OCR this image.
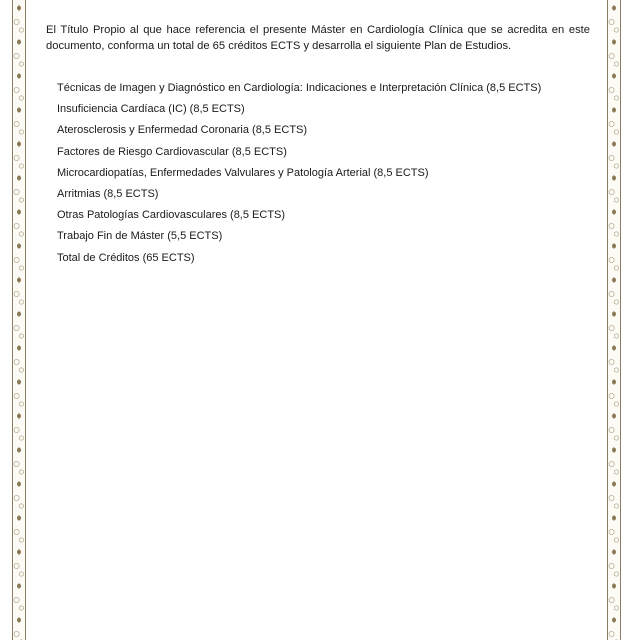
El Título Propio al que hace referencia el presente Máster en Cardiología Clínica que se acredita en este documento, conforma un total de 65 créditos ECTS y desarrolla el siguiente Plan de Estudios.

Técnicas de Imagen y Diagnóstico en Cardiología: Indicaciones e Interpretación Clínica (8,5 ECTS)
Insuficiencia Cardíaca (IC) (8,5 ECTS)
Aterosclerosis y Enfermedad Coronaria (8,5 ECTS)
Factores de Riesgo Cardiovascular (8,5 ECTS)
Microcardiopatías, Enfermedades Valvulares y Patología Arterial (8,5 ECTS)
Arritmias (8,5 ECTS)
Otras Patologías Cardiovasculares (8,5 ECTS)
Trabajo Fin de Máster (5,5 ECTS)
Total de Créditos (65 ECTS)
